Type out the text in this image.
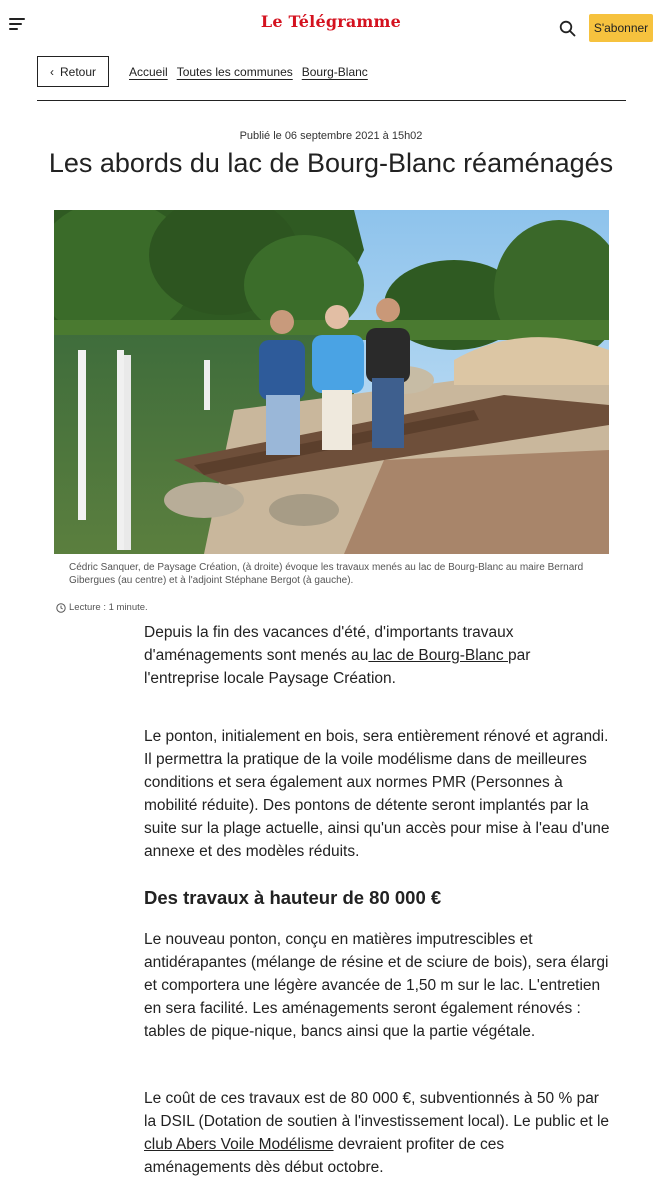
Le Télégramme	S'abonner
‹ Retour	Accueil Toutes les communes Bourg-Blanc
Publié le 06 septembre 2021 à 15h02
Les abords du lac de Bourg-Blanc réaménagés
Cédric Sanquer, de Paysage Création, (à droite) évoque les travaux menés au lac de Bourg-Blanc au maire Bernard Gibergues (au centre) et à l'adjoint Stéphane Bergot (à gauche).
Lecture : 1 minute.

Depuis la fin des vacances d'été, d'importants travaux d'aménagements sont menés au lac de Bourg-Blanc par l'entreprise locale Paysage Création.

Le ponton, initialement en bois, sera entièrement rénové et agrandi. Il permettra la pratique de la voile modélisme dans de meilleures conditions et sera également aux normes PMR (Personnes à mobilité réduite). Des pontons de détente seront implantés par la suite sur la plage actuelle, ainsi qu'un accès pour mise à l'eau d'une annexe et des modèles réduits.

Des travaux à hauteur de 80 000 €

Le nouveau ponton, conçu en matières imputrescibles et antidérapantes (mélange de résine et de sciure de bois), sera élargi et comportera une légère avancée de 1,50 m sur le lac. L'entretien en sera facilité. Les aménagements seront également rénovés : tables de pique-nique, bancs ainsi que la partie végétale.

Le coût de ces travaux est de 80 000 €, subventionnés à 50 % par la DSIL (Dotation de soutien à l'investissement local). Le public et le club Abers Voile Modélisme devraient profiter de ces aménagements dès début octobre.
